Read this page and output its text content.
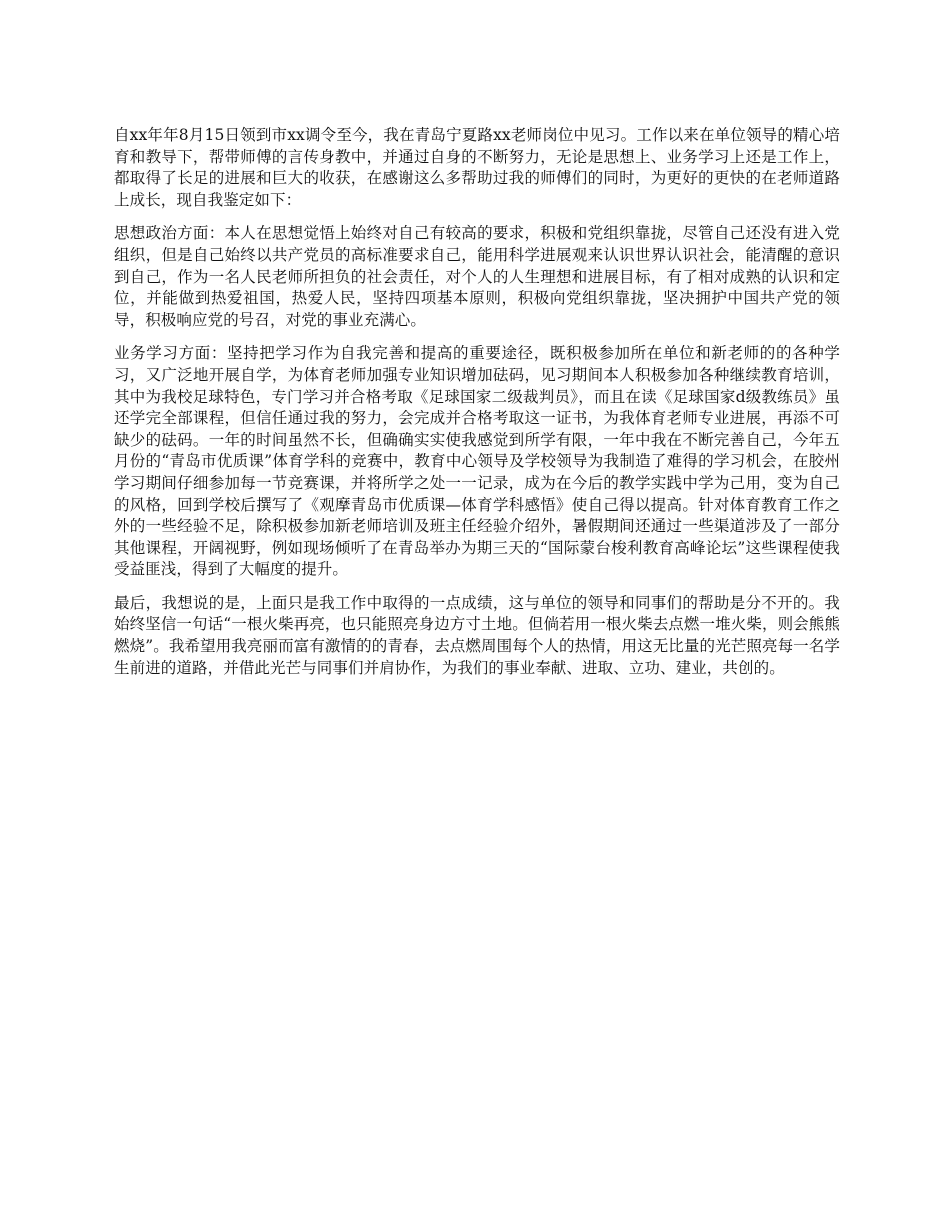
自xx年年8月15日领到市xx调令至今，我在青岛宁夏路xx老师岗位中见习。工作以来在单位领导的精心培育和教导下，帮带师傅的言传身教中，并通过自身的不断努力，无论是思想上、业务学习上还是工作上，都取得了长足的进展和巨大的收获，在感谢这么多帮助过我的师傅们的同时，为更好的更快的在老师道路上成长，现自我鉴定如下：

思想政治方面：本人在思想觉悟上始终对自己有较高的要求，积极和党组织靠拢，尽管自己还没有进入党组织，但是自己始终以共产党员的高标准要求自己，能用科学进展观来认识世界认识社会，能清醒的意识到自己，作为一名人民老师所担负的社会责任，对个人的人生理想和进展目标，有了相对成熟的认识和定位，并能做到热爱祖国，热爱人民，坚持四项基本原则，积极向党组织靠拢，坚决拥护中国共产党的领导，积极响应党的号召，对党的事业充满心。

业务学习方面：坚持把学习作为自我完善和提高的重要途径，既积极参加所在单位和新老师的的各种学习，又广泛地开展自学，为体育老师加强专业知识增加砝码，见习期间本人积极参加各种继续教育培训，其中为我校足球特色，专门学习并合格考取《足球国家二级裁判员》，而且在读《足球国家d级教练员》虽还学完全部课程，但信任通过我的努力，会完成并合格考取这一证书，为我体育老师专业进展，再添不可缺少的砝码。一年的时间虽然不长，但确确实实使我感觉到所学有限，一年中我在不断完善自己，今年五月份的“青岛市优质课”体育学科的竞赛中，教育中心领导及学校领导为我制造了难得的学习机会，在胶州学习期间仔细参加每一节竞赛课，并将所学之处一一记录，成为在今后的教学实践中学为己用，变为自己的风格，回到学校后撰写了《观摩青岛市优质课—体育学科感悟》使自己得以提高。针对体育教育工作之外的一些经验不足，除积极参加新老师培训及班主任经验介绍外，暑假期间还通过一些渠道涉及了一部分其他课程，开阔视野，例如现场倾听了在青岛举办为期三天的“国际蒙台梭利教育高峰论坛”这些课程使我受益匪浅，得到了大幅度的提升。

最后，我想说的是，上面只是我工作中取得的一点成绩，这与单位的领导和同事们的帮助是分不开的。我始终坚信一句话“一根火柴再亮，也只能照亮身边方寸土地。但倘若用一根火柴去点燃一堆火柴，则会熊熊燃烧”。我希望用我亮丽而富有激情的的青春，去点燃周围每个人的热情，用这无比量的光芒照亮每一名学生前进的道路，并借此光芒与同事们并肩协作，为我们的事业奉献、进取、立功、建业，共创的。
